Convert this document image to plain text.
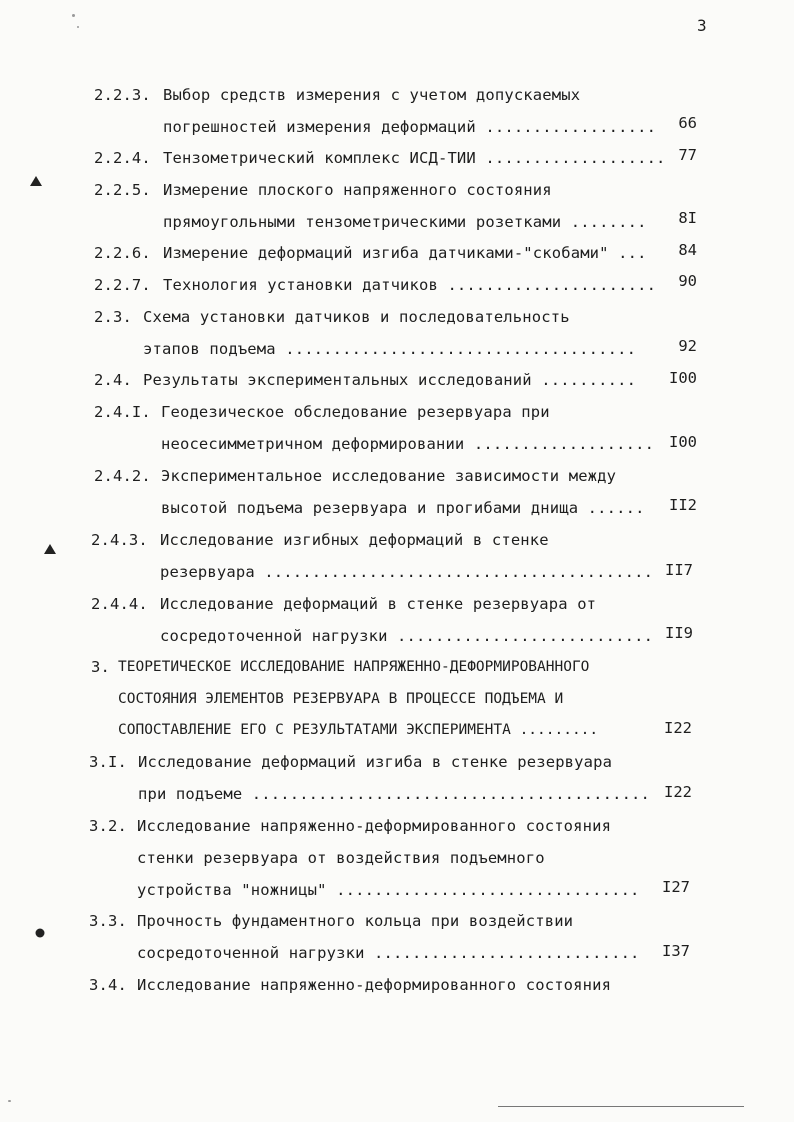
3
2.2.3. Выбор средств измерения с учетом допускаемых
погрешностей измерения деформаций ..................	66
2.2.4. Тензометрический комплекс ИСД-ТИИ ................... 77
2.2.5. Измерение плоского напряженного состояния
прямоугольными тензометрическими розетками ........	8I
2.2.6. Измерение деформаций изгиба датчиками-"скобами" ...	84
2.2.7. Технология установки датчиков ......................	90
2.3. Схема установки датчиков и последовательность
этапов подъема .....................................	92
2.4. Результаты экспериментальных исследований ..........	I00
2.4.I. Геодезическое обследование резервуара при
неосесимметричном деформировании ................... I00
2.4.2. Экспериментальное исследование зависимости между
высотой подъема резервуара и прогибами днища ......	II2
2.4.3. Исследование изгибных деформаций в стенке
резервуара ......................................... II7
2.4.4. Исследование деформаций в стенке резервуара от
сосредоточенной нагрузки ........................... II9
3. ТЕОРЕТИЧЕСКОЕ ИССЛЕДОВАНИЕ НАПРЯЖЕННО-ДЕФОРМИРОВАННОГО
СОСТОЯНИЯ ЭЛЕМЕНТОВ РЕЗЕРВУАРА В ПРОЦЕССЕ ПОДЪЕМА И
СОПОСТАВЛЕНИЕ ЕГО С РЕЗУЛЬТАТАМИ ЭКСПЕРИМЕНТА .........	I22
3.I. Исследование деформаций изгиба в стенке резервуара
при подъеме .......................................... I22
3.2. Исследование напряженно-деформированного состояния
стенки резервуара от воздействия подъемного
устройства "ножницы" ................................	I27
3.3. Прочность фундаментного кольца при воздействии
сосредоточенной нагрузки ............................	I37
3.4. Исследование напряженно-деформированного состояния
